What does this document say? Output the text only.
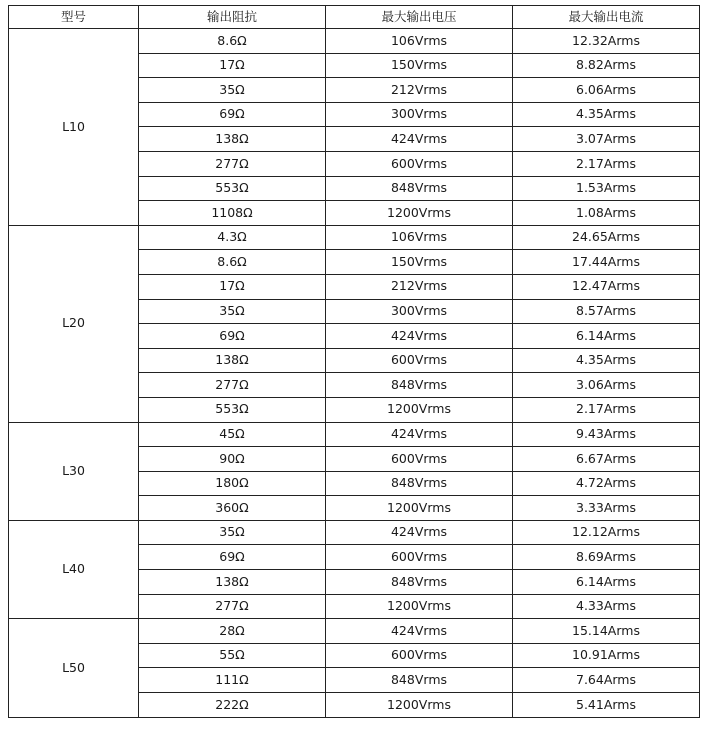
型号	输出阻抗	最大输出电压	最大输出电流
L10	8.6Ω	106Vrms	12.32Arms
	17Ω	150Vrms	8.82Arms
	35Ω	212Vrms	6.06Arms
	69Ω	300Vrms	4.35Arms
	138Ω	424Vrms	3.07Arms
	277Ω	600Vrms	2.17Arms
	553Ω	848Vrms	1.53Arms
	1108Ω	1200Vrms	1.08Arms
L20	4.3Ω	106Vrms	24.65Arms
	8.6Ω	150Vrms	17.44Arms
	17Ω	212Vrms	12.47Arms
	35Ω	300Vrms	8.57Arms
	69Ω	424Vrms	6.14Arms
	138Ω	600Vrms	4.35Arms
	277Ω	848Vrms	3.06Arms
	553Ω	1200Vrms	2.17Arms
L30	45Ω	424Vrms	9.43Arms
	90Ω	600Vrms	6.67Arms
	180Ω	848Vrms	4.72Arms
	360Ω	1200Vrms	3.33Arms
L40	35Ω	424Vrms	12.12Arms
	69Ω	600Vrms	8.69Arms
	138Ω	848Vrms	6.14Arms
	277Ω	1200Vrms	4.33Arms
L50	28Ω	424Vrms	15.14Arms
	55Ω	600Vrms	10.91Arms
	111Ω	848Vrms	7.64Arms
	222Ω	1200Vrms	5.41Arms
